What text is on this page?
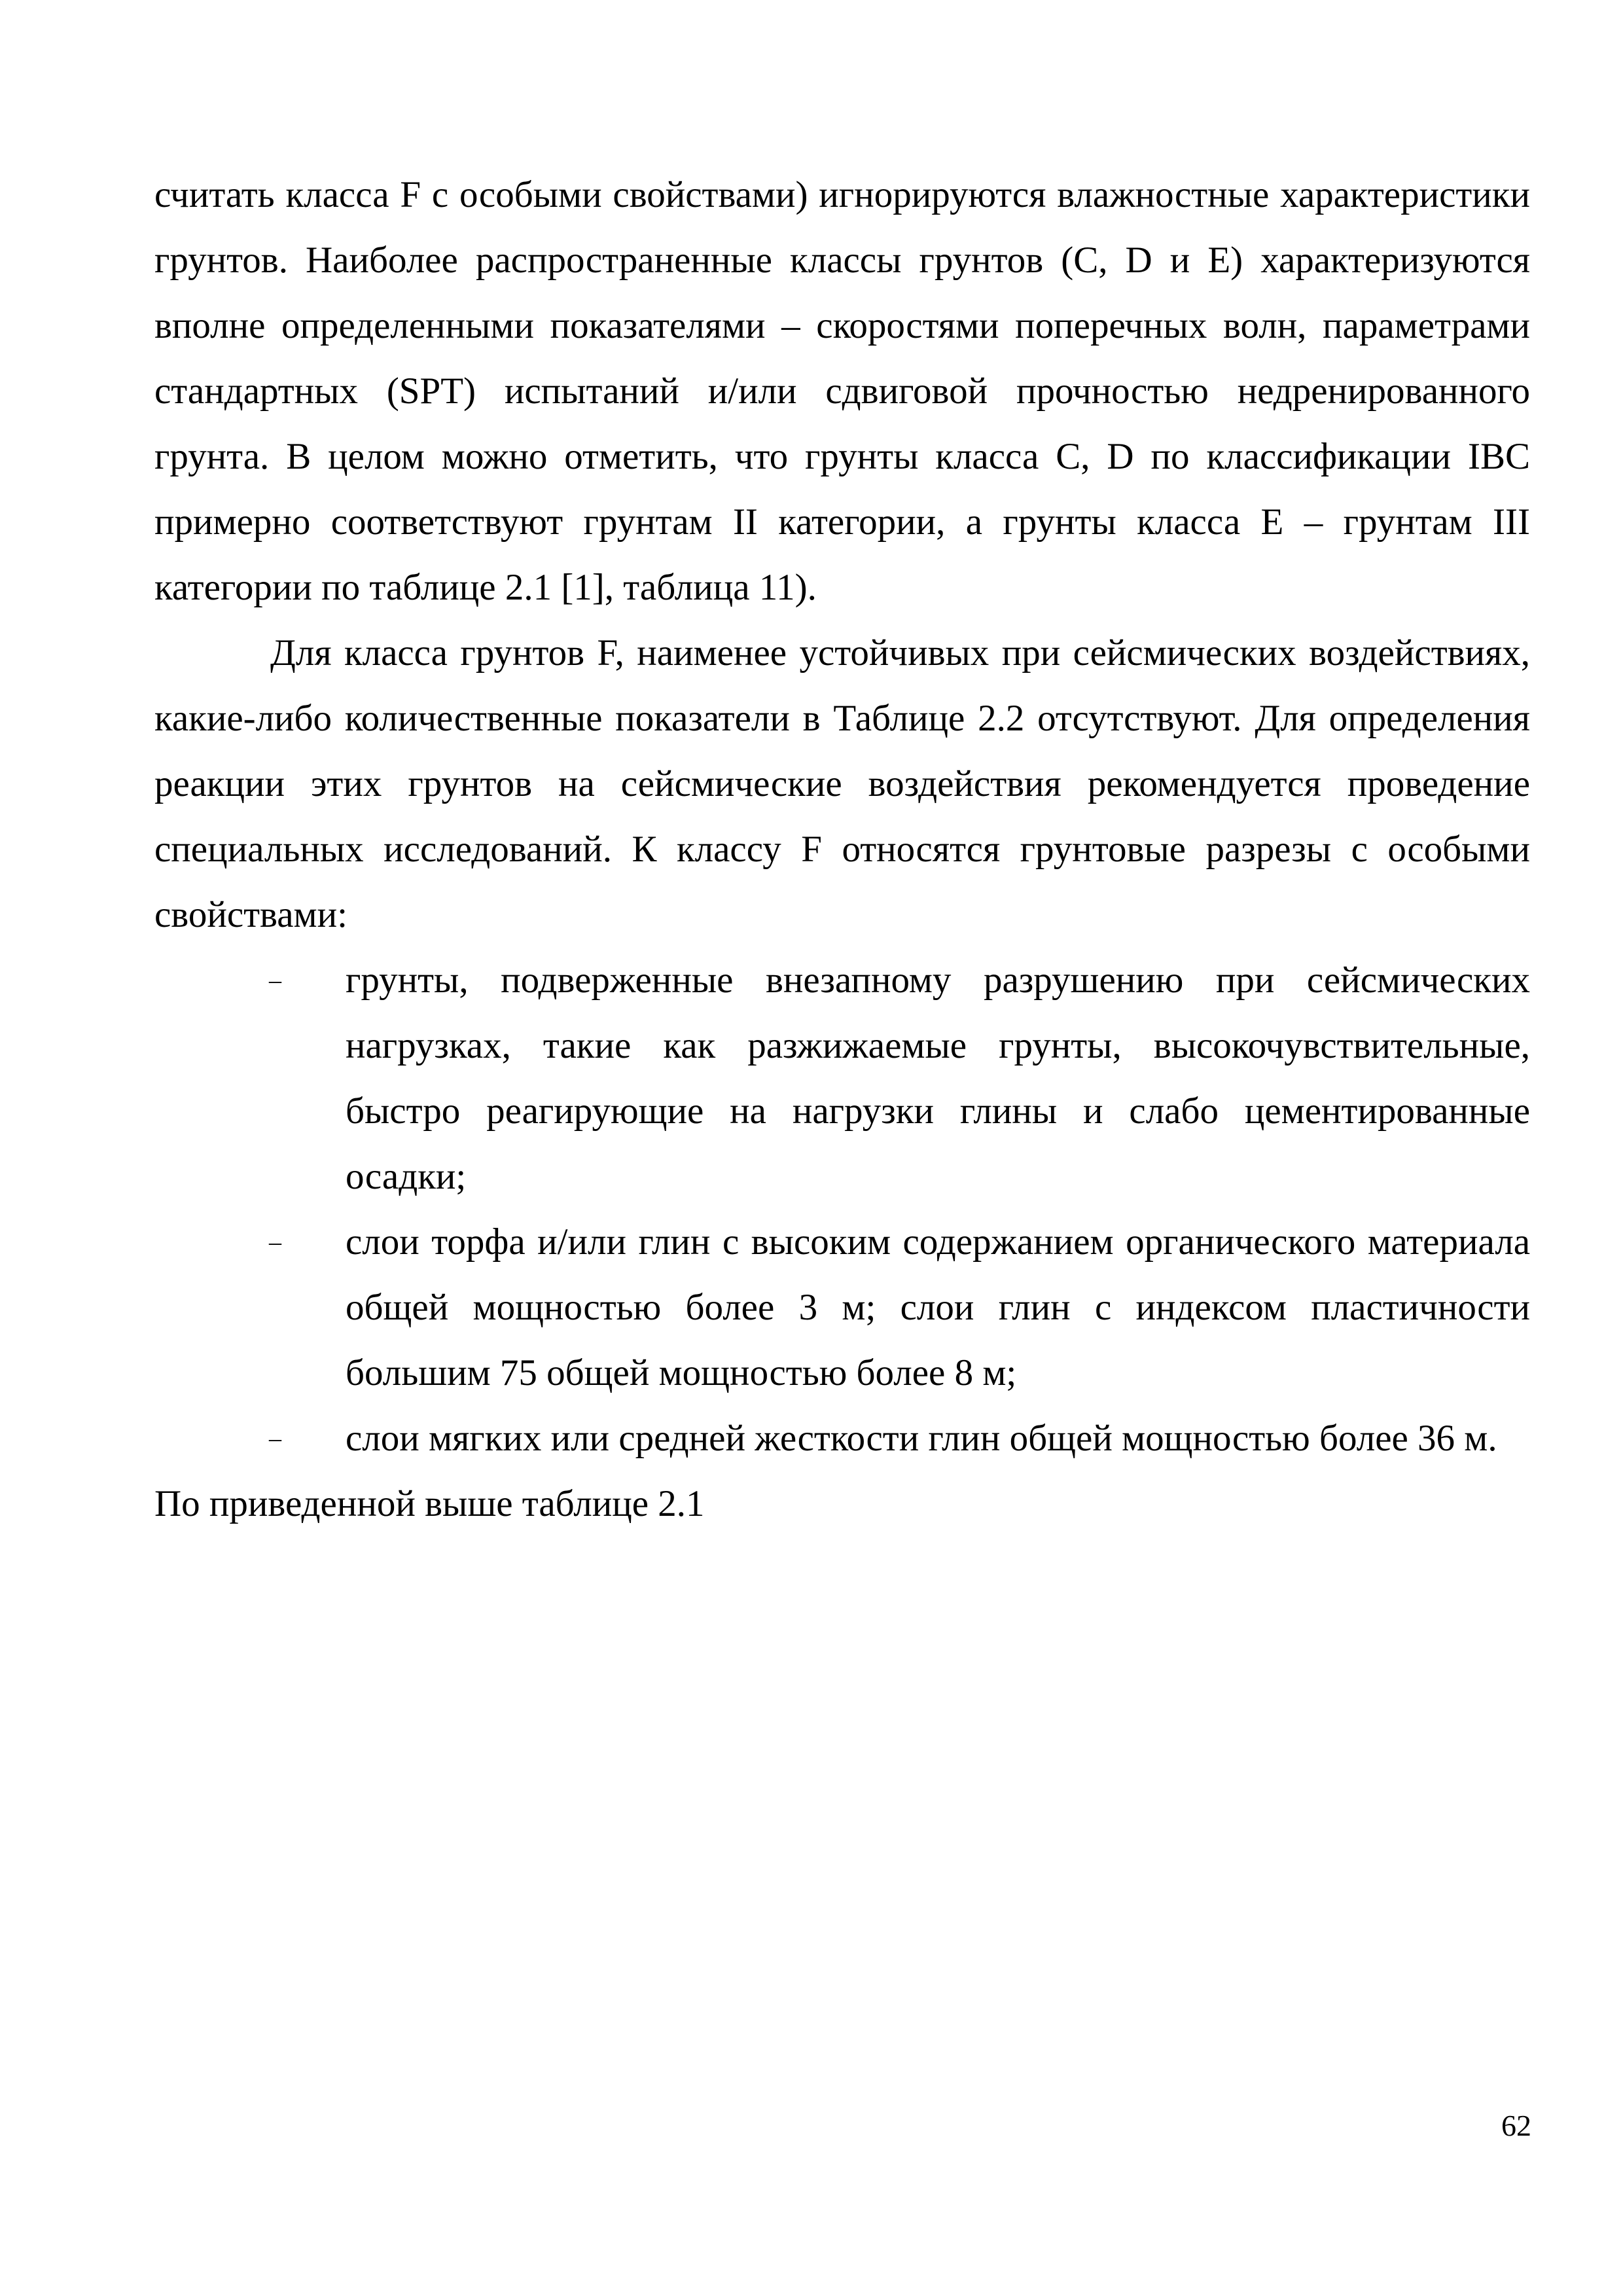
считать класса F с особыми свойствами) игнорируются влажностные характеристики грунтов. Наиболее распространенные классы грунтов (C, D и E) характеризуются вполне определенными показателями – скоростями поперечных волн, параметрами стандартных (SPT) испытаний и/или сдвиговой прочностью недренированного грунта. В целом можно отметить, что грунты класса C, D по классификации IBC примерно соответствуют грунтам II категории, а грунты класса E – грунтам III категории по таблице 2.1 [1], таблица 11).

Для класса грунтов F, наименее устойчивых при сейсмических воздействиях, какие-либо количественные показатели в Таблице 2.2 отсутствуют. Для определения реакции этих грунтов на сейсмические воздействия рекомендуется проведение специальных исследований. К классу F относятся грунтовые разрезы с особыми свойствами:

–	грунты, подверженные внезапному разрушению при сейсмических нагрузках, такие как разжижаемые грунты, высокочувствительные, быстро реагирующие на нагрузки глины и слабо цементированные осадки;
–	слои торфа и/или глин с высоким содержанием органического материала общей мощностью более 3 м; слои глин с индексом пластичности большим 75 общей мощностью более 8 м;
–	слои мягких или средней жесткости глин общей мощностью более 36 м.

По приведенной выше таблице 2.1

62
